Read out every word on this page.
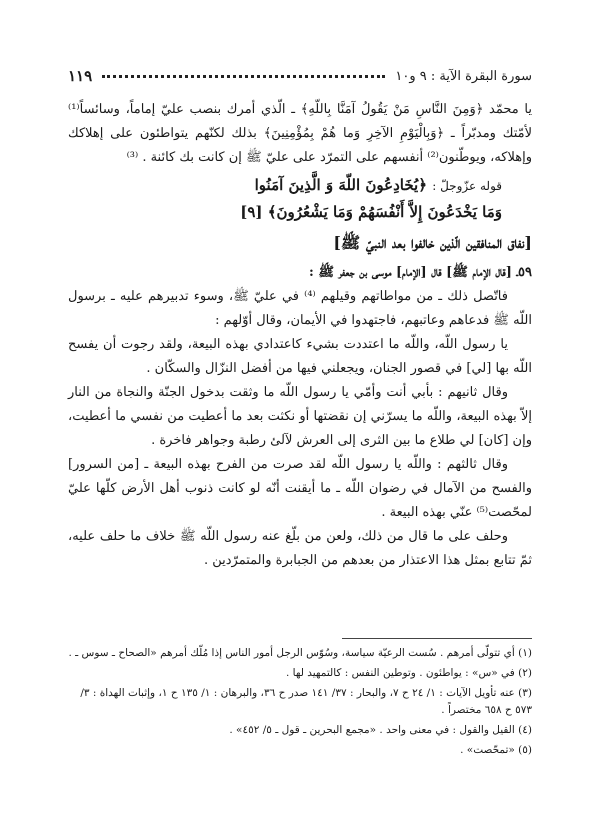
سورة البقرة الآية : ٩ و١٠
١١٩

يا محمّد ﴿وَمِنَ النَّاسِ مَنْ يَقُولُ آمَنَّا بِاللّهِ﴾ ـ الّذي أمرك بنصب عليّ إماماً، وسائساً⁽¹⁾ لأمّتك ومدبّراً ـ ﴿وَبِالْيَوْمِ الآخِرِ وَما هُمْ بِمُؤْمِنِينَ﴾ بذلك لكنّهم يتواطئون على إهلاكك وإهلاكه، ويوطّنون⁽²⁾ أنفسهم على التمرّد على عليّ ﷺ إن كانت بك كائنة . ⁽³⁾

قوله عزّوجلّ : ﴿يُخَادِعُونَ اللّهَ وَ الَّذِينَ آمَنُوا
وَمَا يَخْدَعُونَ إِلاَّ أَنْفُسَهُمْ وَمَا يَشْعُرُونَ﴾ [٩]
[نفاق المنافقين الّذين خالفوا بعد النبيّ ﷺ]

٥٩ـ [قال الإمام ﷺ] قال [الإمام] موسى بن جعفر ﷺ :

فاتّصل ذلك ـ من مواطاتهم وقيلهم ⁽⁴⁾ في عليّ ﷺ، وسوء تدبيرهم عليه ـ برسول اللّه ﷺ فدعاهم وعاتبهم، فاجتهدوا في الأيمان، وقال أوّلهم :

يا رسول اللّه، واللّه ما اعتددت بشيء كاعتدادي بهذه البيعة، ولقد رجوت أن يفسح اللّه بها [لي] في قصور الجنان، ويجعلني فيها من أفضل النزّال والسكّان .

وقال ثانيهم : بأبي أنت وأمّي يا رسول اللّه ما وثقت بدخول الجنّة والنجاة من النار إلاّ بهذه البيعة، واللّه ما يسرّني إن نقضتها أو نكثت بعد ما أعطيت من نفسي ما أعطيت، وإن [كان] لي طلاع ما بين الثرى إلى العرش لآلئ رطبة وجواهر فاخرة .

وقال ثالثهم : واللّه يا رسول اللّه لقد صرت من الفرح بهذه البيعة ـ [من السرور] والفسح من الآمال في رضوان اللّه ـ ما أيقنت أنّه لو كانت ذنوب أهل الأرض كلّها عليّ لمحّصت⁽⁵⁾ عنّي بهذه البيعة .

وحلف على ما قال من ذلك، ولعن من بلّغ عنه رسول اللّه ﷺ خلاف ما حلف عليه، ثمّ تتابع بمثل هذا الاعتذار من بعدهم من الجبابرة والمتمرّدين .

(١) أي تتولّى أمرهم . سُست الرعيّة سياسة، وسُوّس الرجل أمور الناس إذا مُلّك أمرهم «الصحاح ـ سوس ـ .
(٢) في «س» : يواطئون . وتوطين النفس : كالتمهيد لها .
(٣) عنه تأويل الآيات : ١/ ٢٤ ح ٧، والبحار : ٣٧/ ١٤١ صدر ح ٣٦، والبرهان : ١/ ١٣٥ ح ١، وإثبات الهداة : ٣/ ٥٧٣ ح ٦٥٨ مختصراً .
(٤) القيل والقول : في معنى واحد . «مجمع البحرين ـ قول ـ ٥/ ٤٥٢» .
(٥) «تمحّصت» .
